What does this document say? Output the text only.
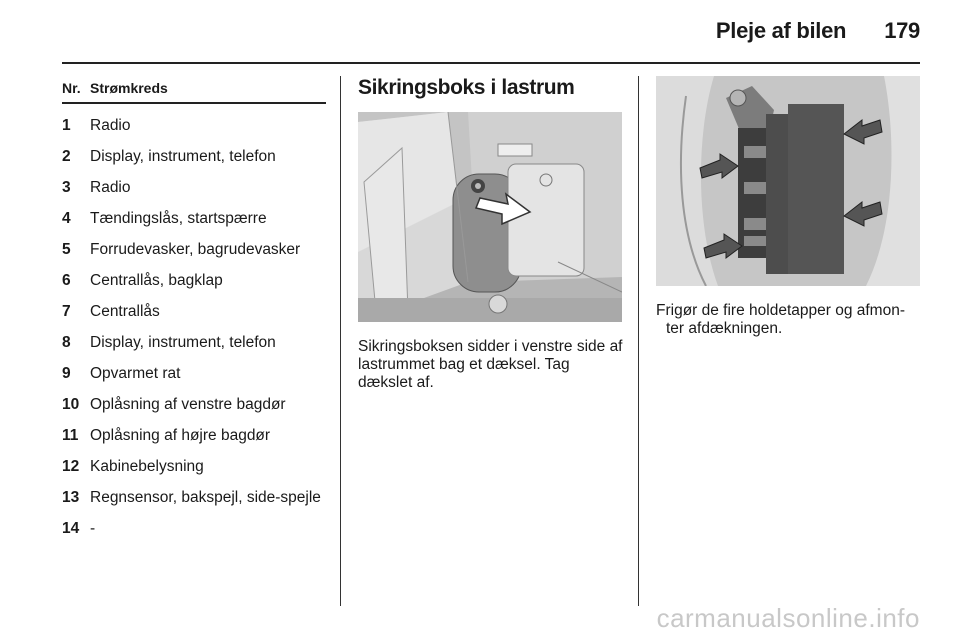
Pleje af bilen 179
Nr. Strømkreds
1	Radio
2	Display, instrument, telefon
3	Radio
4	Tændingslås, startspærre
5	Forrudevasker, bagrudevasker
6	Centrallås, bagklap
7	Centrallås
8	Display, instrument, telefon
9	Opvarmet rat
10 Oplåsning af venstre bagdør
11 Oplåsning af højre bagdør
12 Kabinebelysning
13 Regnsensor, bakspejl, side-spejle
14 -
Sikringsboks i lastrum
Sikringsboksen sidder i venstre side af lastrummet bag et dæksel. Tag dækslet af.
Frigør de fire holdetapper og afmon-
ter afdækningen.
carmanualsonline.info
